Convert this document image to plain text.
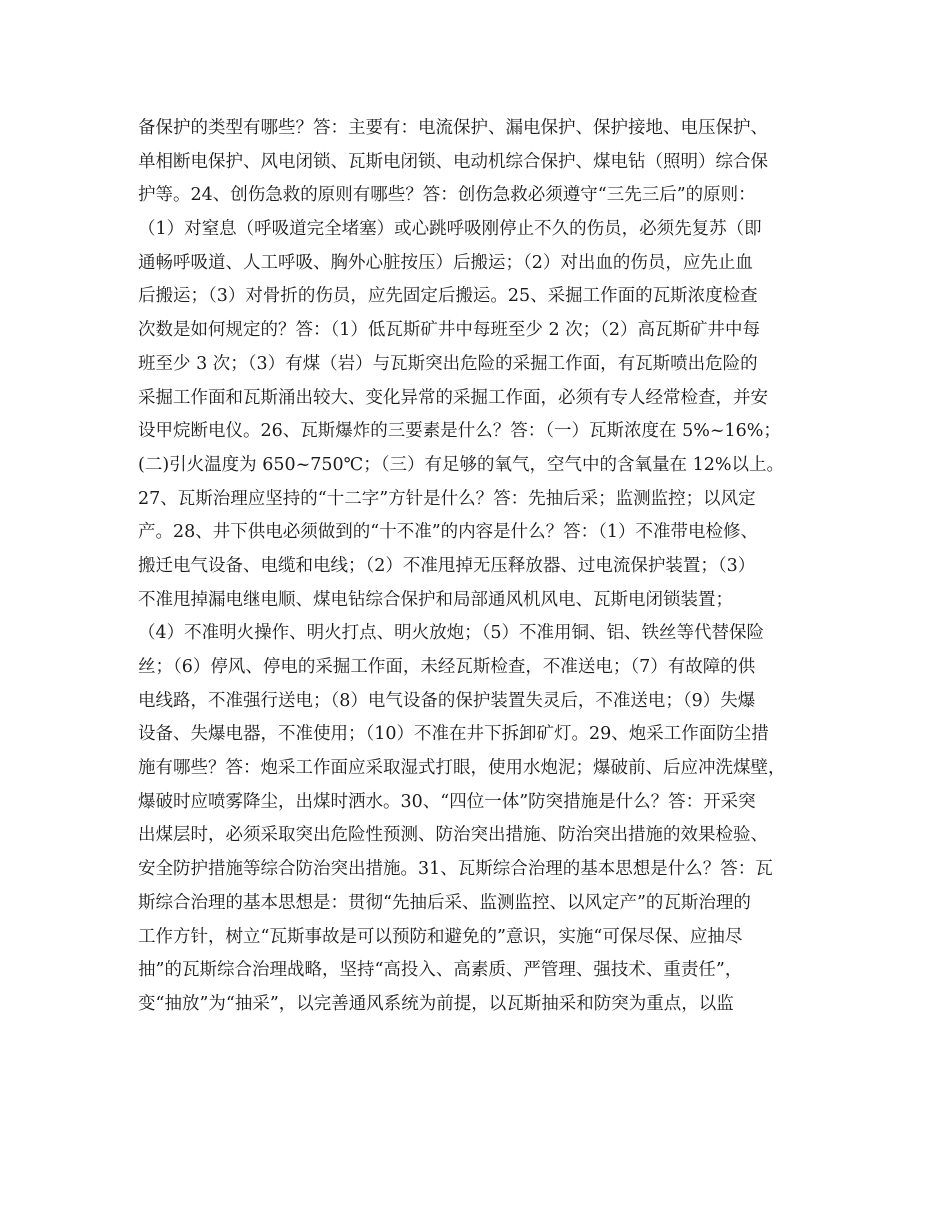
备保护的类型有哪些？答：主要有：电流保护、漏电保护、保护接地、电压保护、
单相断电保护、风电闭锁、瓦斯电闭锁、电动机综合保护、煤电钻（照明）综合保
护等。24、创伤急救的原则有哪些？答：创伤急救必须遵守“三先三后”的原则：
（1）对窒息（呼吸道完全堵塞）或心跳呼吸刚停止不久的伤员，必须先复苏（即
通畅呼吸道、人工呼吸、胸外心脏按压）后搬运；（2）对出血的伤员，应先止血
后搬运；（3）对骨折的伤员，应先固定后搬运。25、采掘工作面的瓦斯浓度检查
次数是如何规定的？答：（1）低瓦斯矿井中每班至少 2 次；（2）高瓦斯矿井中每
班至少 3 次；（3）有煤（岩）与瓦斯突出危险的采掘工作面，有瓦斯喷出危险的
采掘工作面和瓦斯涌出较大、变化异常的采掘工作面，必须有专人经常检查，并安
设甲烷断电仪。26、瓦斯爆炸的三要素是什么？答：（一）瓦斯浓度在 5%~16%；
(二)引火温度为 650~750℃；（三）有足够的氧气，空气中的含氧量在 12%以上。
27、瓦斯治理应坚持的“十二字”方针是什么？答：先抽后采；监测监控；以风定
产。28、井下供电必须做到的“十不准”的内容是什么？答：（1）不准带电检修、
搬迁电气设备、电缆和电线；（2）不准甩掉无压释放器、过电流保护装置；（3）
不准甩掉漏电继电顺、煤电钻综合保护和局部通风机风电、瓦斯电闭锁装置；
（4）不准明火操作、明火打点、明火放炮；（5）不准用铜、铝、铁丝等代替保险
丝；（6）停风、停电的采掘工作面，未经瓦斯检查，不准送电；（7）有故障的供
电线路，不准强行送电；（8）电气设备的保护装置失灵后，不准送电；（9）失爆
设备、失爆电器，不准使用；（10）不准在井下拆卸矿灯。29、炮采工作面防尘措
施有哪些？答：炮采工作面应采取湿式打眼，使用水炮泥；爆破前、后应冲洗煤壁，
爆破时应喷雾降尘，出煤时洒水。30、“四位一体”防突措施是什么？答：开采突
出煤层时，必须采取突出危险性预测、防治突出措施、防治突出措施的效果检验、
安全防护措施等综合防治突出措施。31、瓦斯综合治理的基本思想是什么？答：瓦
斯综合治理的基本思想是：贯彻“先抽后采、监测监控、以风定产”的瓦斯治理的
工作方针，树立“瓦斯事故是可以预防和避免的”意识，实施“可保尽保、应抽尽
抽”的瓦斯综合治理战略，坚持“高投入、高素质、严管理、强技术、重责任”，
变“抽放”为“抽采”，以完善通风系统为前提，以瓦斯抽采和防突为重点，以监
